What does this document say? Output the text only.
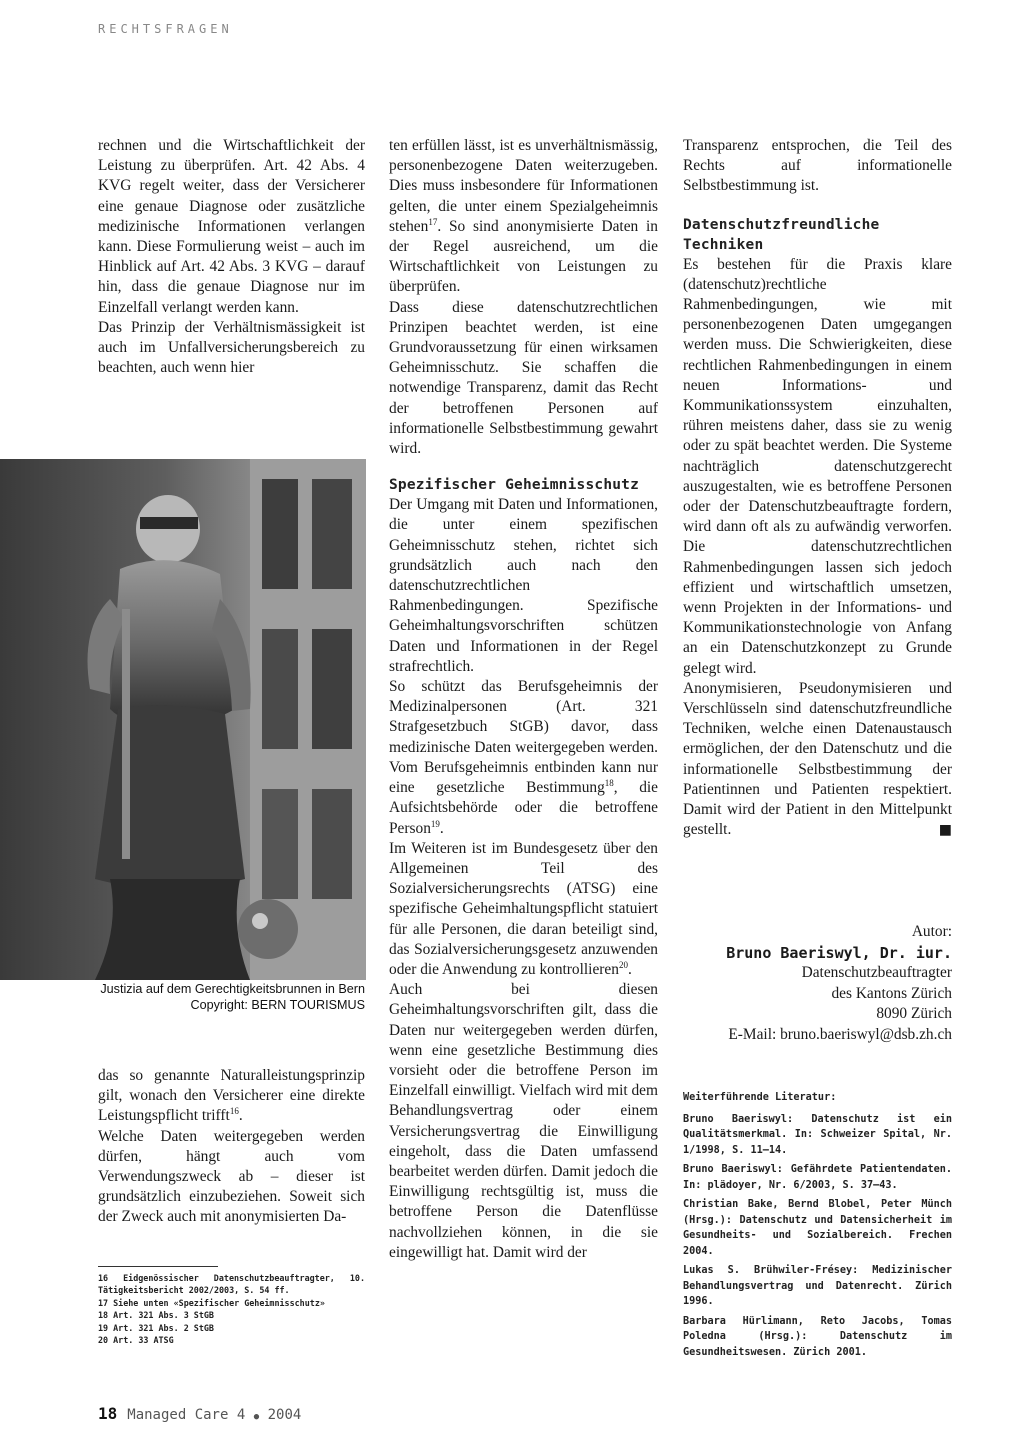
RECHTSFRAGEN

rechnen und die Wirtschaftlichkeit der Leistung zu überprüfen. Art. 42 Abs. 4 KVG regelt weiter, dass der Versicherer eine genaue Diagnose oder zusätzliche medizinische Informationen verlangen kann. Diese Formulierung weist – auch im Hinblick auf Art. 42 Abs. 3 KVG – darauf hin, dass die genaue Diagnose nur im Einzelfall verlangt werden kann.

Das Prinzip der Verhältnismässigkeit ist auch im Unfallversicherungsbereich zu beachten, auch wenn hier

Justizia auf dem Gerechtigkeitsbrunnen in Bern
Copyright: BERN TOURISMUS

das so genannte Naturalleistungsprinzip gilt, wonach den Versicherer eine direkte Leistungspflicht trifft$^{16}$.

Welche Daten weitergegeben werden dürfen, hängt auch vom Verwendungszweck ab – dieser ist grundsätzlich einzubeziehen. Soweit sich der Zweck auch mit anonymisierten Da-

16 Eidgenössischer Datenschutzbeauftragter, 10. Tätigkeitsbericht 2002/2003, S. 54 ff.
17 Siehe unten «Spezifischer Geheimnisschutz»
18 Art. 321 Abs. 3 StGB
19 Art. 321 Abs. 2 StGB
20 Art. 33 ATSG

ten erfüllen lässt, ist es unverhältnismässig, personenbezogene Daten weiterzugeben. Dies muss insbesondere für Informationen gelten, die unter einem Spezialgeheimnis stehen$^{17}$. So sind anonymisierte Daten in der Regel ausreichend, um die Wirtschaftlichkeit von Leistungen zu überprüfen.

Dass diese datenschutzrechtlichen Prinzipen beachtet werden, ist eine Grundvoraussetzung für einen wirksamen Geheimnisschutz. Sie schaffen die notwendige Transparenz, damit das Recht der betroffenen Personen auf informationelle Selbstbestimmung gewahrt wird.

Spezifischer Geheimnisschutz

Der Umgang mit Daten und Informationen, die unter einem spezifischen Geheimnisschutz stehen, richtet sich grundsätzlich auch nach den datenschutzrechtlichen Rahmenbedingungen. Spezifische Geheimhaltungsvorschriften schützen Daten und Informationen in der Regel strafrechtlich.

So schützt das Berufsgeheimnis der Medizinalpersonen (Art. 321 Strafgesetzbuch StGB) davor, dass medizinische Daten weitergegeben werden. Vom Berufsgeheimnis entbinden kann nur eine gesetzliche Bestimmung$^{18}$, die Aufsichtsbehörde oder die betroffene Person$^{19}$.

Im Weiteren ist im Bundesgesetz über den Allgemeinen Teil des Sozialversicherungsrechts (ATSG) eine spezifische Geheimhaltungspflicht statuiert für alle Personen, die daran beteiligt sind, das Sozialversicherungsgesetz anzuwenden oder die Anwendung zu kontrollieren$^{20}$.

Auch bei diesen Geheimhaltungsvorschriften gilt, dass die Daten nur weitergegeben werden dürfen, wenn eine gesetzliche Bestimmung dies vorsieht oder die betroffene Person im Einzelfall einwilligt. Vielfach wird mit dem Behandlungsvertrag oder einem Versicherungsvertrag die Einwilligung eingeholt, dass die Daten umfassend bearbeitet werden dürfen. Damit jedoch die Einwilligung rechtsgültig ist, muss die betroffene Person die Datenflüsse nachvollziehen können, in die sie eingewilligt hat. Damit wird der

Transparenz entsprochen, die Teil des Rechts auf informationelle Selbstbestimmung ist.

Datenschutzfreundliche Techniken

Es bestehen für die Praxis klare (datenschutz)rechtliche Rahmenbedingungen, wie mit personenbezogenen Daten umgegangen werden muss. Die Schwierigkeiten, diese rechtlichen Rahmenbedingungen in einem neuen Informations- und Kommunikationssystem einzuhalten, rühren meistens daher, dass sie zu wenig oder zu spät beachtet werden. Die Systeme nachträglich datenschutzgerecht auszugestalten, wie es betroffene Personen oder der Datenschutzbeauftragte fordern, wird dann oft als zu aufwändig verworfen. Die datenschutzrechtlichen Rahmenbedingungen lassen sich jedoch effizient und wirtschaftlich umsetzen, wenn Projekten in der Informations- und Kommunikationstechnologie von Anfang an ein Datenschutzkonzept zu Grunde gelegt wird.

Anonymisieren, Pseudonymisieren und Verschlüsseln sind datenschutzfreundliche Techniken, welche einen Datenaustausch ermöglichen, der den Datenschutz und die informationelle Selbstbestimmung der Patientinnen und Patienten respektiert. Damit wird der Patient in den Mittelpunkt gestellt.	■

Autor:
Bruno Baeriswyl, Dr. iur.
Datenschutzbeauftragter
des Kantons Zürich
8090 Zürich
E-Mail: bruno.baeriswyl@dsb.zh.ch
Weiterführende Literatur:
Bruno Baeriswyl: Datenschutz ist ein Qualitätsmerkmal. In: Schweizer Spital, Nr. 1/1998, S. 11–14.
Bruno Baeriswyl: Gefährdete Patientendaten. In: plädoyer, Nr. 6/2003, S. 37–43.
Christian Bake, Bernd Blobel, Peter Münch (Hrsg.): Datenschutz und Datensicherheit im Gesundheits- und Sozialbereich. Frechen 2004.
Lukas S. Brühwiler-Frésey: Medizinischer Behandlungsvertrag und Datenrecht. Zürich 1996.
Barbara Hürlimann, Reto Jacobs, Tomas Poledna (Hrsg.): Datenschutz im Gesundheitswesen. Zürich 2001.
18 Managed Care 4 ● 2004
